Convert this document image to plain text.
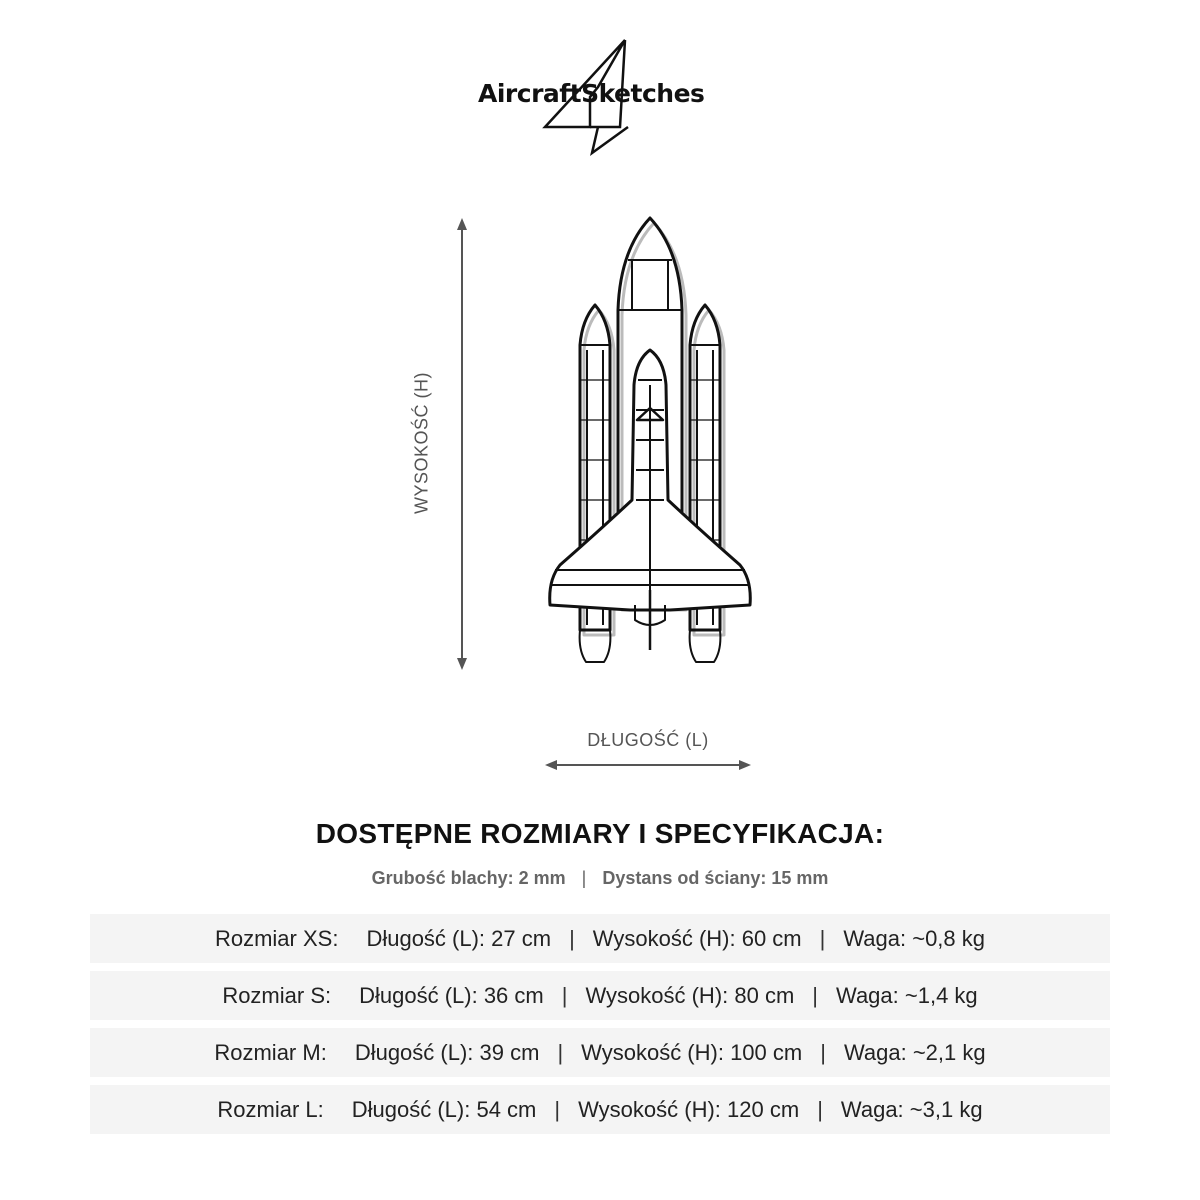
AircraftSketches
WYSOKOŚĆ (H)
DŁUGOŚĆ (L)
DOSTĘPNE ROZMIARY I SPECYFIKACJA:
Grubość blachy: 2 mm | Dystans od ściany: 15 mm
Rozmiar XS: Długość (L): 27 cm | Wysokość (H): 60 cm | Waga: ~0,8 kg
Rozmiar S: Długość (L): 36 cm | Wysokość (H): 80 cm | Waga: ~1,4 kg
Rozmiar M: Długość (L): 39 cm | Wysokość (H): 100 cm | Waga: ~2,1 kg
Rozmiar L: Długość (L): 54 cm | Wysokość (H): 120 cm | Waga: ~3,1 kg
